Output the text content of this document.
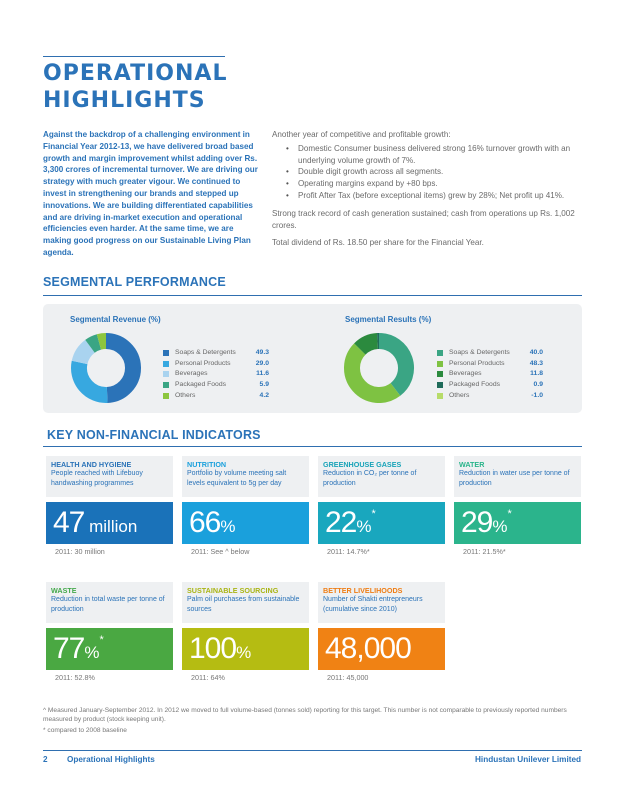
OPERATIONAL
HIGHLIGHTS

Against the backdrop of a challenging environment in Financial Year 2012-13, we have delivered broad based growth and margin improvement whilst adding over Rs. 3,300 crores of incremental turnover. We are driving our strategy with much greater vigour. We continued to invest in strengthening our brands and stepped up innovations. We are building differentiated capabilities and are driving in-market execution and operational efficiencies even harder. At the same time, we are making good progress on our Sustainable Living Plan agenda.

Another year of competitive and profitable growth:

• Domestic Consumer business delivered strong 16% turnover growth with an underlying volume growth of 7%.
• Double digit growth across all segments.
• Operating margins expand by +80 bps.
• Profit After Tax (before exceptional items) grew by 28%; Net profit up 41%.

Strong track record of cash generation sustained; cash from operations up Rs. 1,002 crores.

Total dividend of Rs. 18.50 per share for the Financial Year.

SEGMENTAL PERFORMANCE
Segmental Revenue (%)
Soaps & Detergents	49.3
Personal Products	29.0
Beverages	11.6
Packaged Foods	5.9
Others	4.2
Segmental Results (%)
Soaps & Detergents	40.0
Personal Products	48.3
Beverages	11.8
Packaged Foods	0.9
Others	-1.0
KEY NON-FINANCIAL INDICATORS
HEALTH AND HYGIENE
People reached with Lifebuoy handwashing programmes
47 million
2011: 30 million
NUTRITION
Portfolio by volume meeting salt levels equivalent to 5g per day
66%
2011: See ^ below
GREENHOUSE GASES
Reduction in CO₂ per tonne of production
22%*
2011: 14.7%*
WATER
Reduction in water use per tonne of production
29%*
2011: 21.5%*
WASTE
Reduction in total waste per tonne of production
77%*
2011: 52.8%
SUSTAINABLE SOURCING
Palm oil purchases from sustainable sources
100%
2011: 64%
BETTER LIVELIHOODS
Number of Shakti entrepreneurs (cumulative since 2010)
48,000
2011: 45,000

^ Measured January-September 2012. In 2012 we moved to full volume-based (tonnes sold) reporting for this target. This number is not comparable to previously reported numbers measured by product (stock keeping unit).

* compared to 2008 baseline

2 Operational Highlights	Hindustan Unilever Limited
